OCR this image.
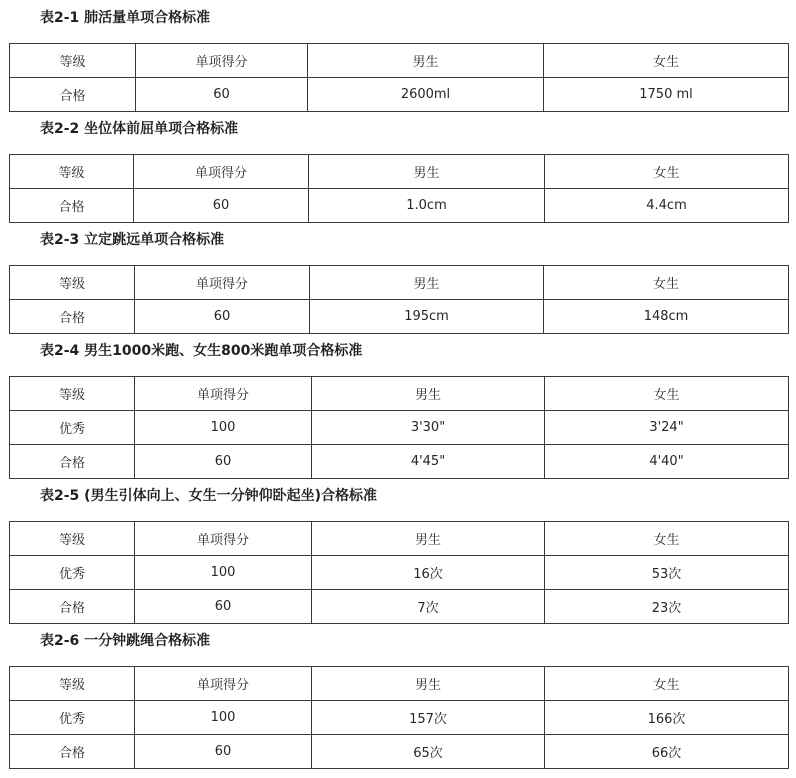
表2-1 肺活量单项合格标准
等级	单项得分	男生	女生
合格	60	2600ml	1750 ml
表2-2 坐位体前屈单项合格标准
等级	单项得分	男生	女生
合格	60	1.0cm	4.4cm
表2-3 立定跳远单项合格标准
等级	单项得分	男生	女生
合格	60	195cm	148cm
表2-4 男生1000米跑、女生800米跑单项合格标准
等级	单项得分	男生	女生
优秀	100	3'30"	3'24"
合格	60	4'45"	4'40"
表2-5 (男生引体向上、女生一分钟仰卧起坐)合格标准
等级	单项得分	男生	女生
优秀	100	16次	53次
合格	60	7次	23次
表2-6 一分钟跳绳合格标准
等级	单项得分	男生	女生
优秀	100	157次	166次
合格	60	65次	66次
